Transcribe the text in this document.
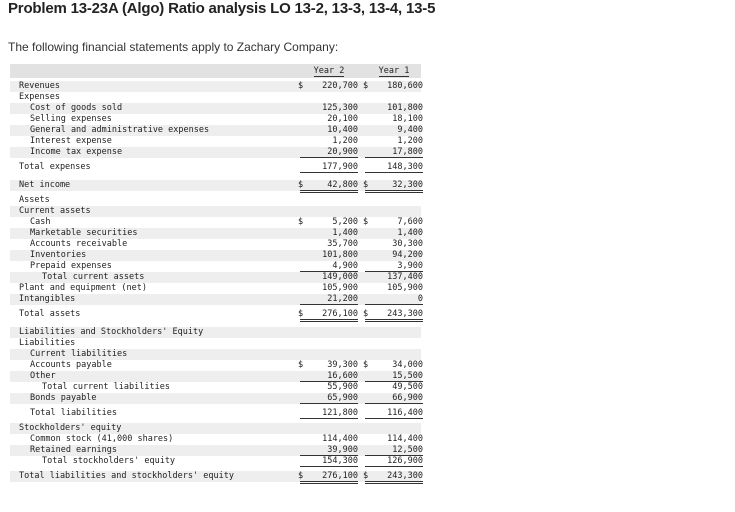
Problem 13-23A (Algo) Ratio analysis LO 13-2, 13-3, 13-4, 13-5
The following financial statements apply to Zachary Company:
Year 2	Year 1
Revenues	$ 220,700 $ 180,600
Expenses
Cost of goods sold	125,300	101,800
Selling expenses	20,100	18,100
General and administrative expenses	10,400	9,400
Interest expense	1,200	1,200
Income tax expense	20,900	17,800
Total expenses	177,900	148,300
Net income	$	42,800 $	32,300
Assets
Current assets
Cash	$	5,200 $	7,600
Marketable securities	1,400	1,400
Accounts receivable	35,700	30,300
Inventories	101,800	94,200
Prepaid expenses	4,900	3,900
Total current assets	149,000	137,400
Plant and equipment (net)	105,900	105,900
Intangibles	21,200	0
Total assets	$ 276,100 $ 243,300
Liabilities and Stockholders' Equity
Liabilities
Current liabilities
Accounts payable	$	39,300 $	34,000
Other	16,600	15,500
Total current liabilities	55,900	49,500
Bonds payable	65,900	66,900
Total liabilities	121,800	116,400
Stockholders' equity
Common stock (41,000 shares)	114,400	114,400
Retained earnings	39,900	12,500
Total stockholders' equity	154,300	126,900
Total liabilities and stockholders' equity	$ 276,100 $ 243,300
